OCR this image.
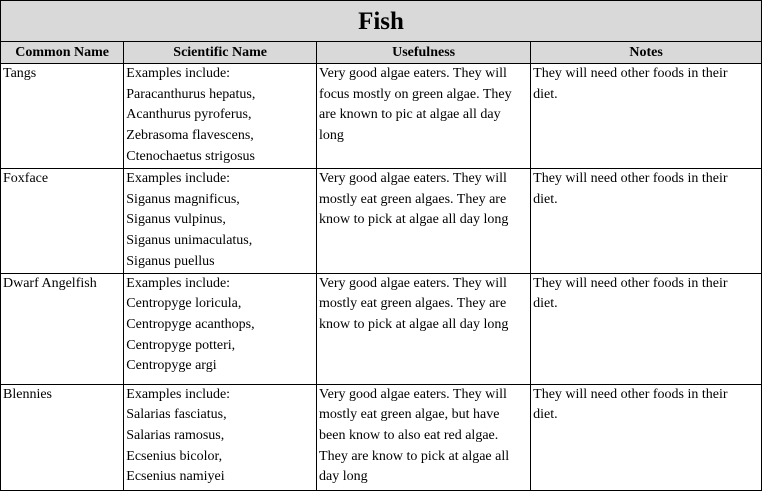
Fish
Common Name	Scientific Name	Usefulness	Notes
Tangs	Examples include:
Paracanthurus hepatus,
Acanthurus pyroferus,
Zebrasoma flavescens,
Ctenochaetus strigosus	Very good algae eaters. They will
focus mostly on green algae. They
are known to pic at algae all day
long	They will need other foods in their
diet.

Foxface	Examples include:
Siganus magnificus,
Siganus vulpinus,
Siganus unimaculatus,
Siganus puellus	Very good algae eaters. They will
mostly eat green algaes. They are
know to pick at algae all day long	They will need other foods in their
diet.

Dwarf Angelfish	Examples include:
Centropyge loricula,
Centropyge acanthops,
Centropyge potteri,
Centropyge argi	Very good algae eaters. They will
mostly eat green algaes. They are
know to pick at algae all day long	They will need other foods in their
diet.

Blennies	Examples include:
Salarias fasciatus,
Salarias ramosus,
Ecsenius bicolor,
Ecsenius namiyei	Very good algae eaters. They will
mostly eat green algae, but have
been know to also eat red algae.
They are know to pick at algae all
day long	They will need other foods in their
diet.
